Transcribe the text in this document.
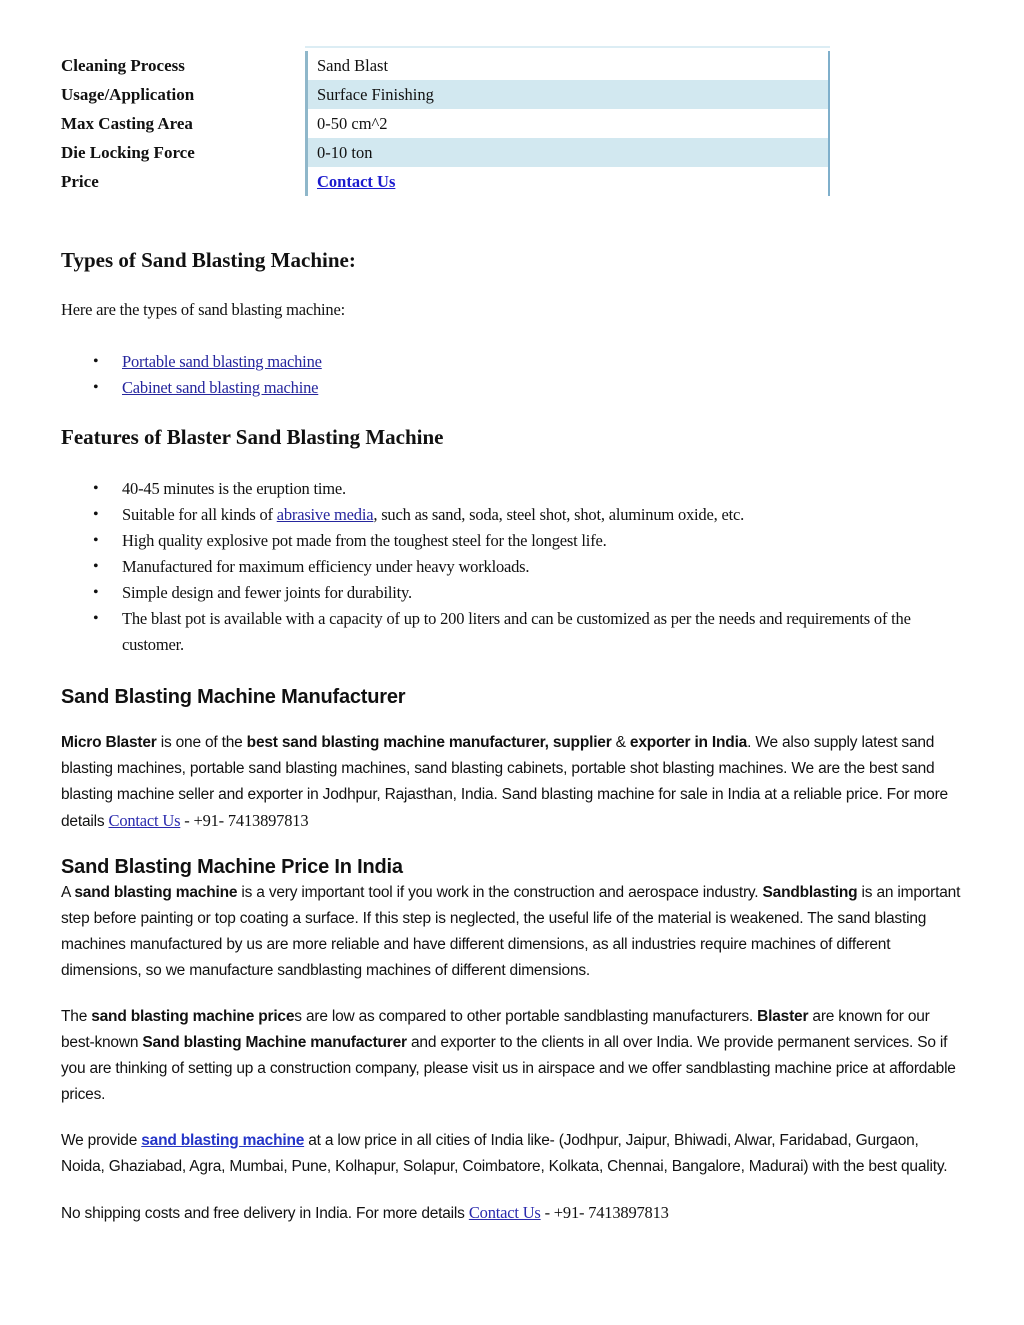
Cleaning Process	Sand Blast
Usage/Application	Surface Finishing
Max Casting Area	0-50 cm^2
Die Locking Force	0-10 ton
Price	Contact Us
Types of Sand Blasting Machine:

Here are the types of sand blasting machine:

• Portable sand blasting machine
• Cabinet sand blasting machine
Features of Blaster Sand Blasting Machine
• 40-45 minutes is the eruption time.
• Suitable for all kinds of abrasive media, such as sand, soda, steel shot, shot, aluminum oxide, etc.
• High quality explosive pot made from the toughest steel for the longest life.
• Manufactured for maximum efficiency under heavy workloads.
• Simple design and fewer joints for durability.
• The blast pot is available with a capacity of up to 200 liters and can be customized as per the needs and requirements of the customer.
Sand Blasting Machine Manufacturer

Micro Blaster is one of the best sand blasting machine manufacturer, supplier & exporter in India. We also supply latest sand blasting machines, portable sand blasting machines, sand blasting cabinets, portable shot blasting machines. We are the best sand blasting machine seller and exporter in Jodhpur, Rajasthan, India. Sand blasting machine for sale in India at a reliable price. For more details Contact Us - +91- 7413897813

Sand Blasting Machine Price In India

A sand blasting machine is a very important tool if you work in the construction and aerospace industry. Sandblasting is an important step before painting or top coating a surface. If this step is neglected, the useful life of the material is weakened. The sand blasting machines manufactured by us are more reliable and have different dimensions, as all industries require machines of different dimensions, so we manufacture sandblasting machines of different dimensions.

The sand blasting machine prices are low as compared to other portable sandblasting manufacturers. Blaster are known for our best-known Sand blasting Machine manufacturer and exporter to the clients in all over India. We provide permanent services. So if you are thinking of setting up a construction company, please visit us in airspace and we offer sandblasting machine price at affordable prices.

We provide sand blasting machine at a low price in all cities of India like- (Jodhpur, Jaipur, Bhiwadi, Alwar, Faridabad, Gurgaon, Noida, Ghaziabad, Agra, Mumbai, Pune, Kolhapur, Solapur, Coimbatore, Kolkata, Chennai, Bangalore, Madurai) with the best quality.

No shipping costs and free delivery in India. For more details Contact Us - +91- 7413897813
